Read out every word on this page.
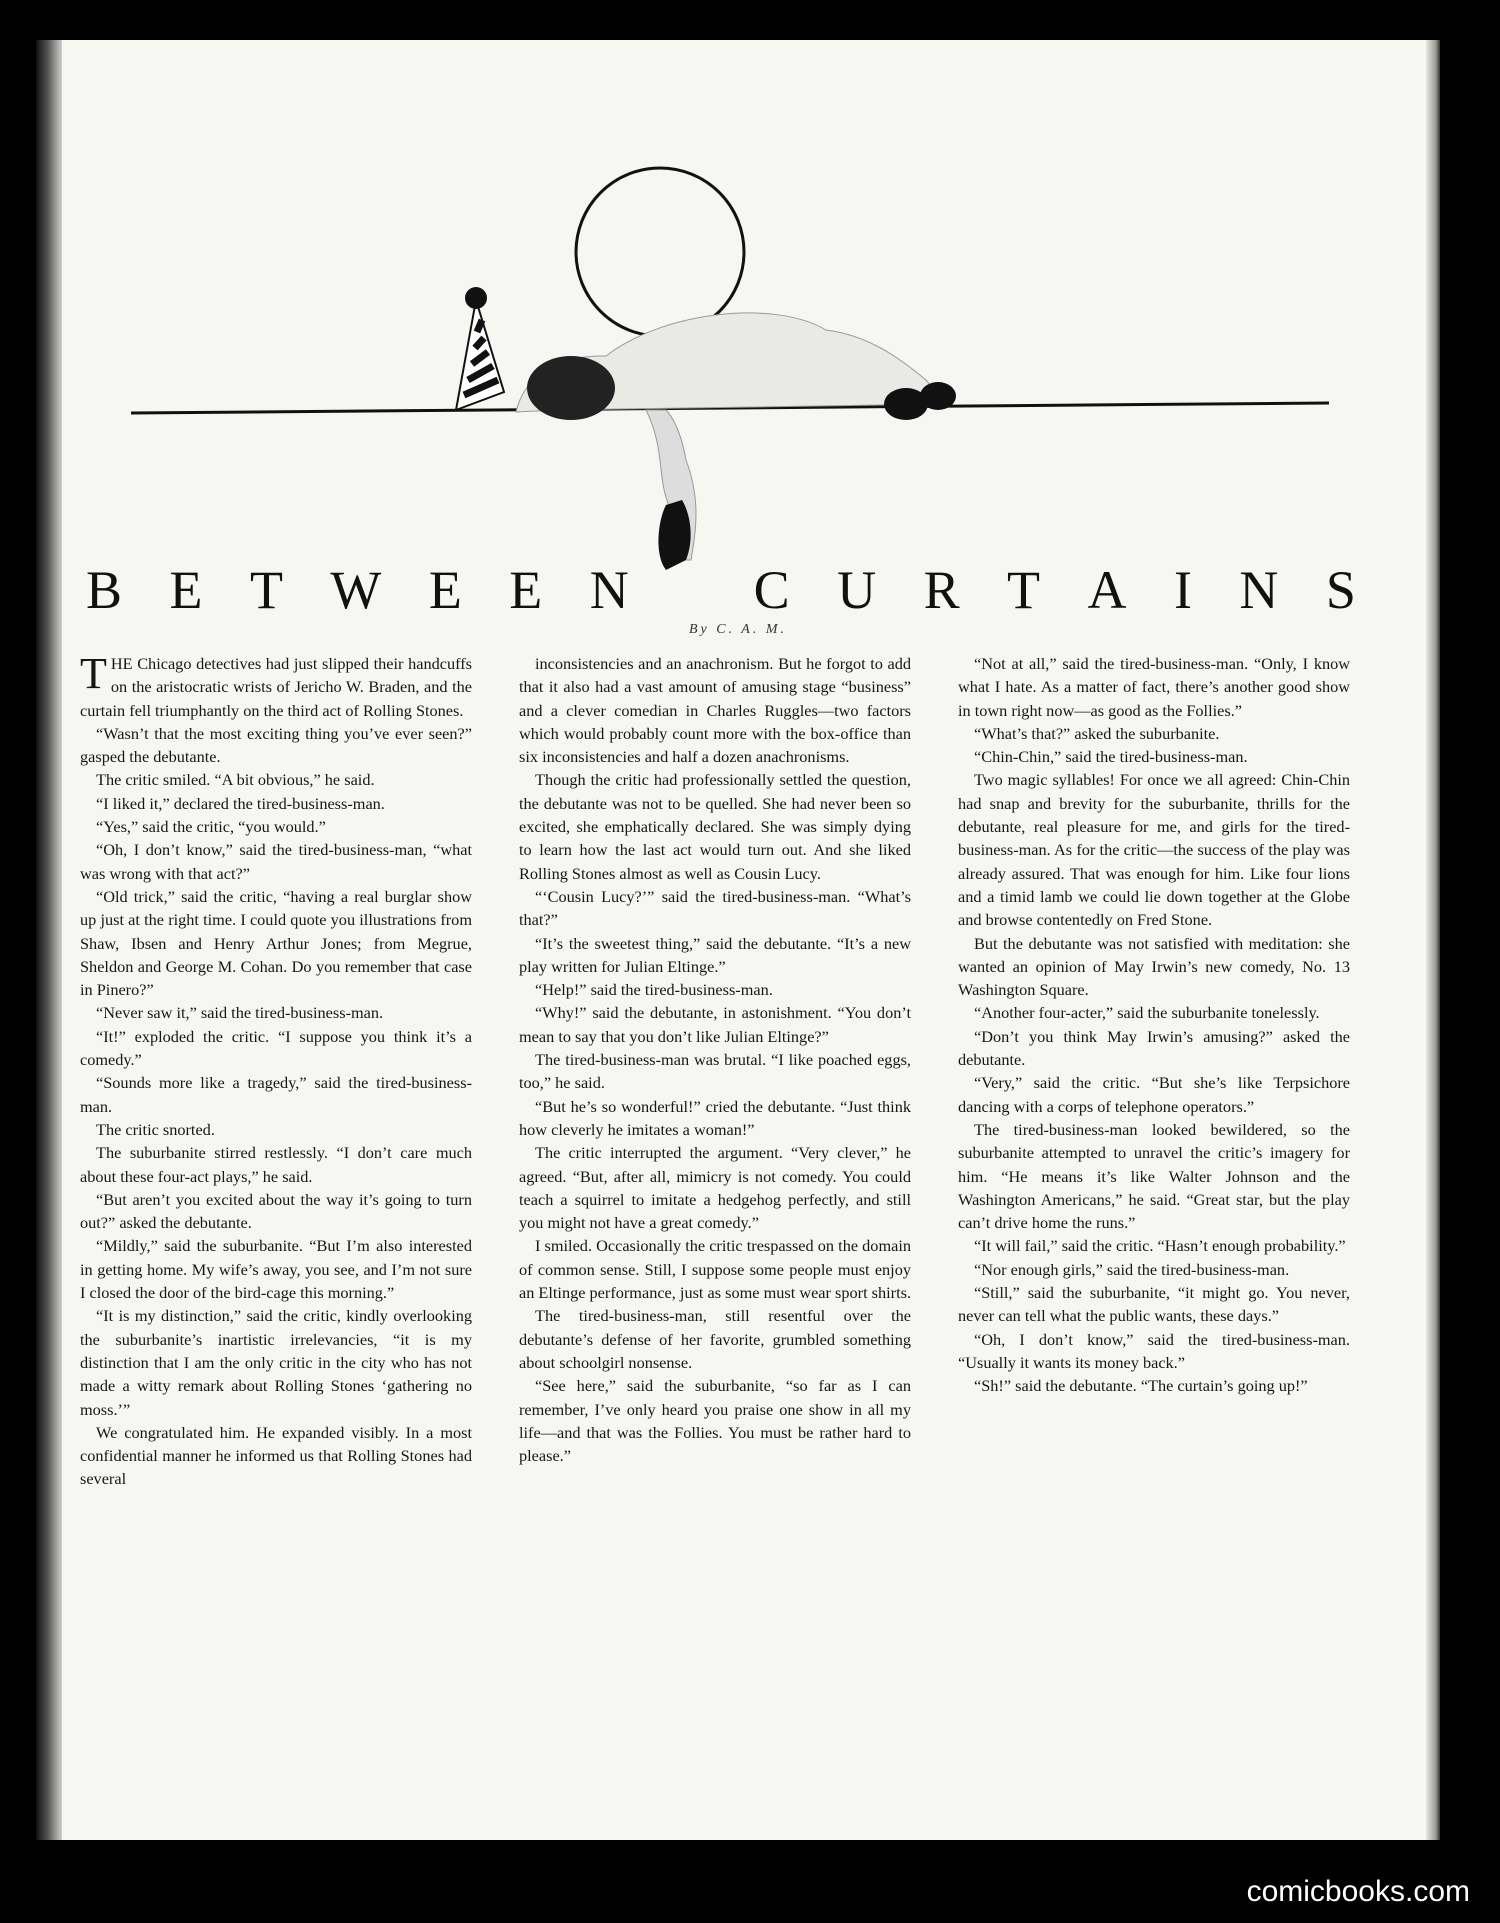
B E T W E E N C U R T A I N S
By C. A. M.

THE Chicago detectives had just slipped their handcuffs on the aristocratic wrists of Jericho W. Braden, and the curtain fell triumphantly on the third act of Rolling Stones.

“Wasn’t that the most exciting thing you’ve ever seen?” gasped the debutante.

The critic smiled. “A bit obvious,” he said.

“I liked it,” declared the tired-business-man.

“Yes,” said the critic, “you would.”

“Oh, I don’t know,” said the tired-business-man, “what was wrong with that act?”

“Old trick,” said the critic, “having a real burglar show up just at the right time. I could quote you illustrations from Shaw, Ibsen and Henry Arthur Jones; from Megrue, Sheldon and George M. Cohan. Do you remember that case in Pinero?”

“Never saw it,” said the tired-business-man.

“It!” exploded the critic. “I suppose you think it’s a comedy.”

“Sounds more like a tragedy,” said the tired-business-man.

The critic snorted.

The suburbanite stirred restlessly. “I don’t care much about these four-act plays,” he said.

“But aren’t you excited about the way it’s going to turn out?” asked the debutante.

“Mildly,” said the suburbanite. “But I’m also interested in getting home. My wife’s away, you see, and I’m not sure I closed the door of the bird-cage this morning.”

“It is my distinction,” said the critic, kindly overlooking the suburbanite’s inartistic irrelevancies, “it is my distinction that I am the only critic in the city who has not made a witty remark about Rolling Stones ‘gathering no moss.’”

We congratulated him. He expanded visibly. In a most confidential manner he informed us that Rolling Stones had several

inconsistencies and an anachronism. But he forgot to add that it also had a vast amount of amusing stage “business” and a clever comedian in Charles Ruggles—two factors which would probably count more with the box-office than six inconsistencies and half a dozen anachronisms.

Though the critic had professionally settled the question, the debutante was not to be quelled. She had never been so excited, she emphatically declared. She was simply dying to learn how the last act would turn out. And she liked Rolling Stones almost as well as Cousin Lucy.

“‘Cousin Lucy?’” said the tired-business-man. “What’s that?”

“It’s the sweetest thing,” said the debutante. “It’s a new play written for Julian Eltinge.”

“Help!” said the tired-business-man.

“Why!” said the debutante, in astonishment. “You don’t mean to say that you don’t like Julian Eltinge?”

The tired-business-man was brutal. “I like poached eggs, too,” he said.

“But he’s so wonderful!” cried the debutante. “Just think how cleverly he imitates a woman!”

The critic interrupted the argument. “Very clever,” he agreed. “But, after all, mimicry is not comedy. You could teach a squirrel to imitate a hedgehog perfectly, and still you might not have a great comedy.”

I smiled. Occasionally the critic trespassed on the domain of common sense. Still, I suppose some people must enjoy an Eltinge performance, just as some must wear sport shirts.

The tired-business-man, still resentful over the debutante’s defense of her favorite, grumbled something about schoolgirl nonsense.

“See here,” said the suburbanite, “so far as I can remember, I’ve only heard you praise one show in all my life—and that was the Follies. You must be rather hard to please.”

“Not at all,” said the tired-business-man. “Only, I know what I hate. As a matter of fact, there’s another good show in town right now—as good as the Follies.”

“What’s that?” asked the suburbanite.

“Chin-Chin,” said the tired-business-man.

Two magic syllables! For once we all agreed: Chin-Chin had snap and brevity for the suburbanite, thrills for the debutante, real pleasure for me, and girls for the tired-business-man. As for the critic—the success of the play was already assured. That was enough for him. Like four lions and a timid lamb we could lie down together at the Globe and browse contentedly on Fred Stone.

But the debutante was not satisfied with meditation: she wanted an opinion of May Irwin’s new comedy, No. 13 Washington Square.

“Another four-acter,” said the suburbanite tonelessly.

“Don’t you think May Irwin’s amusing?” asked the debutante.

“Very,” said the critic. “But she’s like Terpsichore dancing with a corps of telephone operators.”

The tired-business-man looked bewildered, so the suburbanite attempted to unravel the critic’s imagery for him. “He means it’s like Walter Johnson and the Washington Americans,” he said. “Great star, but the play can’t drive home the runs.”

“It will fail,” said the critic. “Hasn’t enough probability.”

“Nor enough girls,” said the tired-business-man.

“Still,” said the suburbanite, “it might go. You never, never can tell what the public wants, these days.”

“Oh, I don’t know,” said the tired-business-man. “Usually it wants its money back.”

“Sh!” said the debutante. “The curtain’s going up!”

comicbooks.com
